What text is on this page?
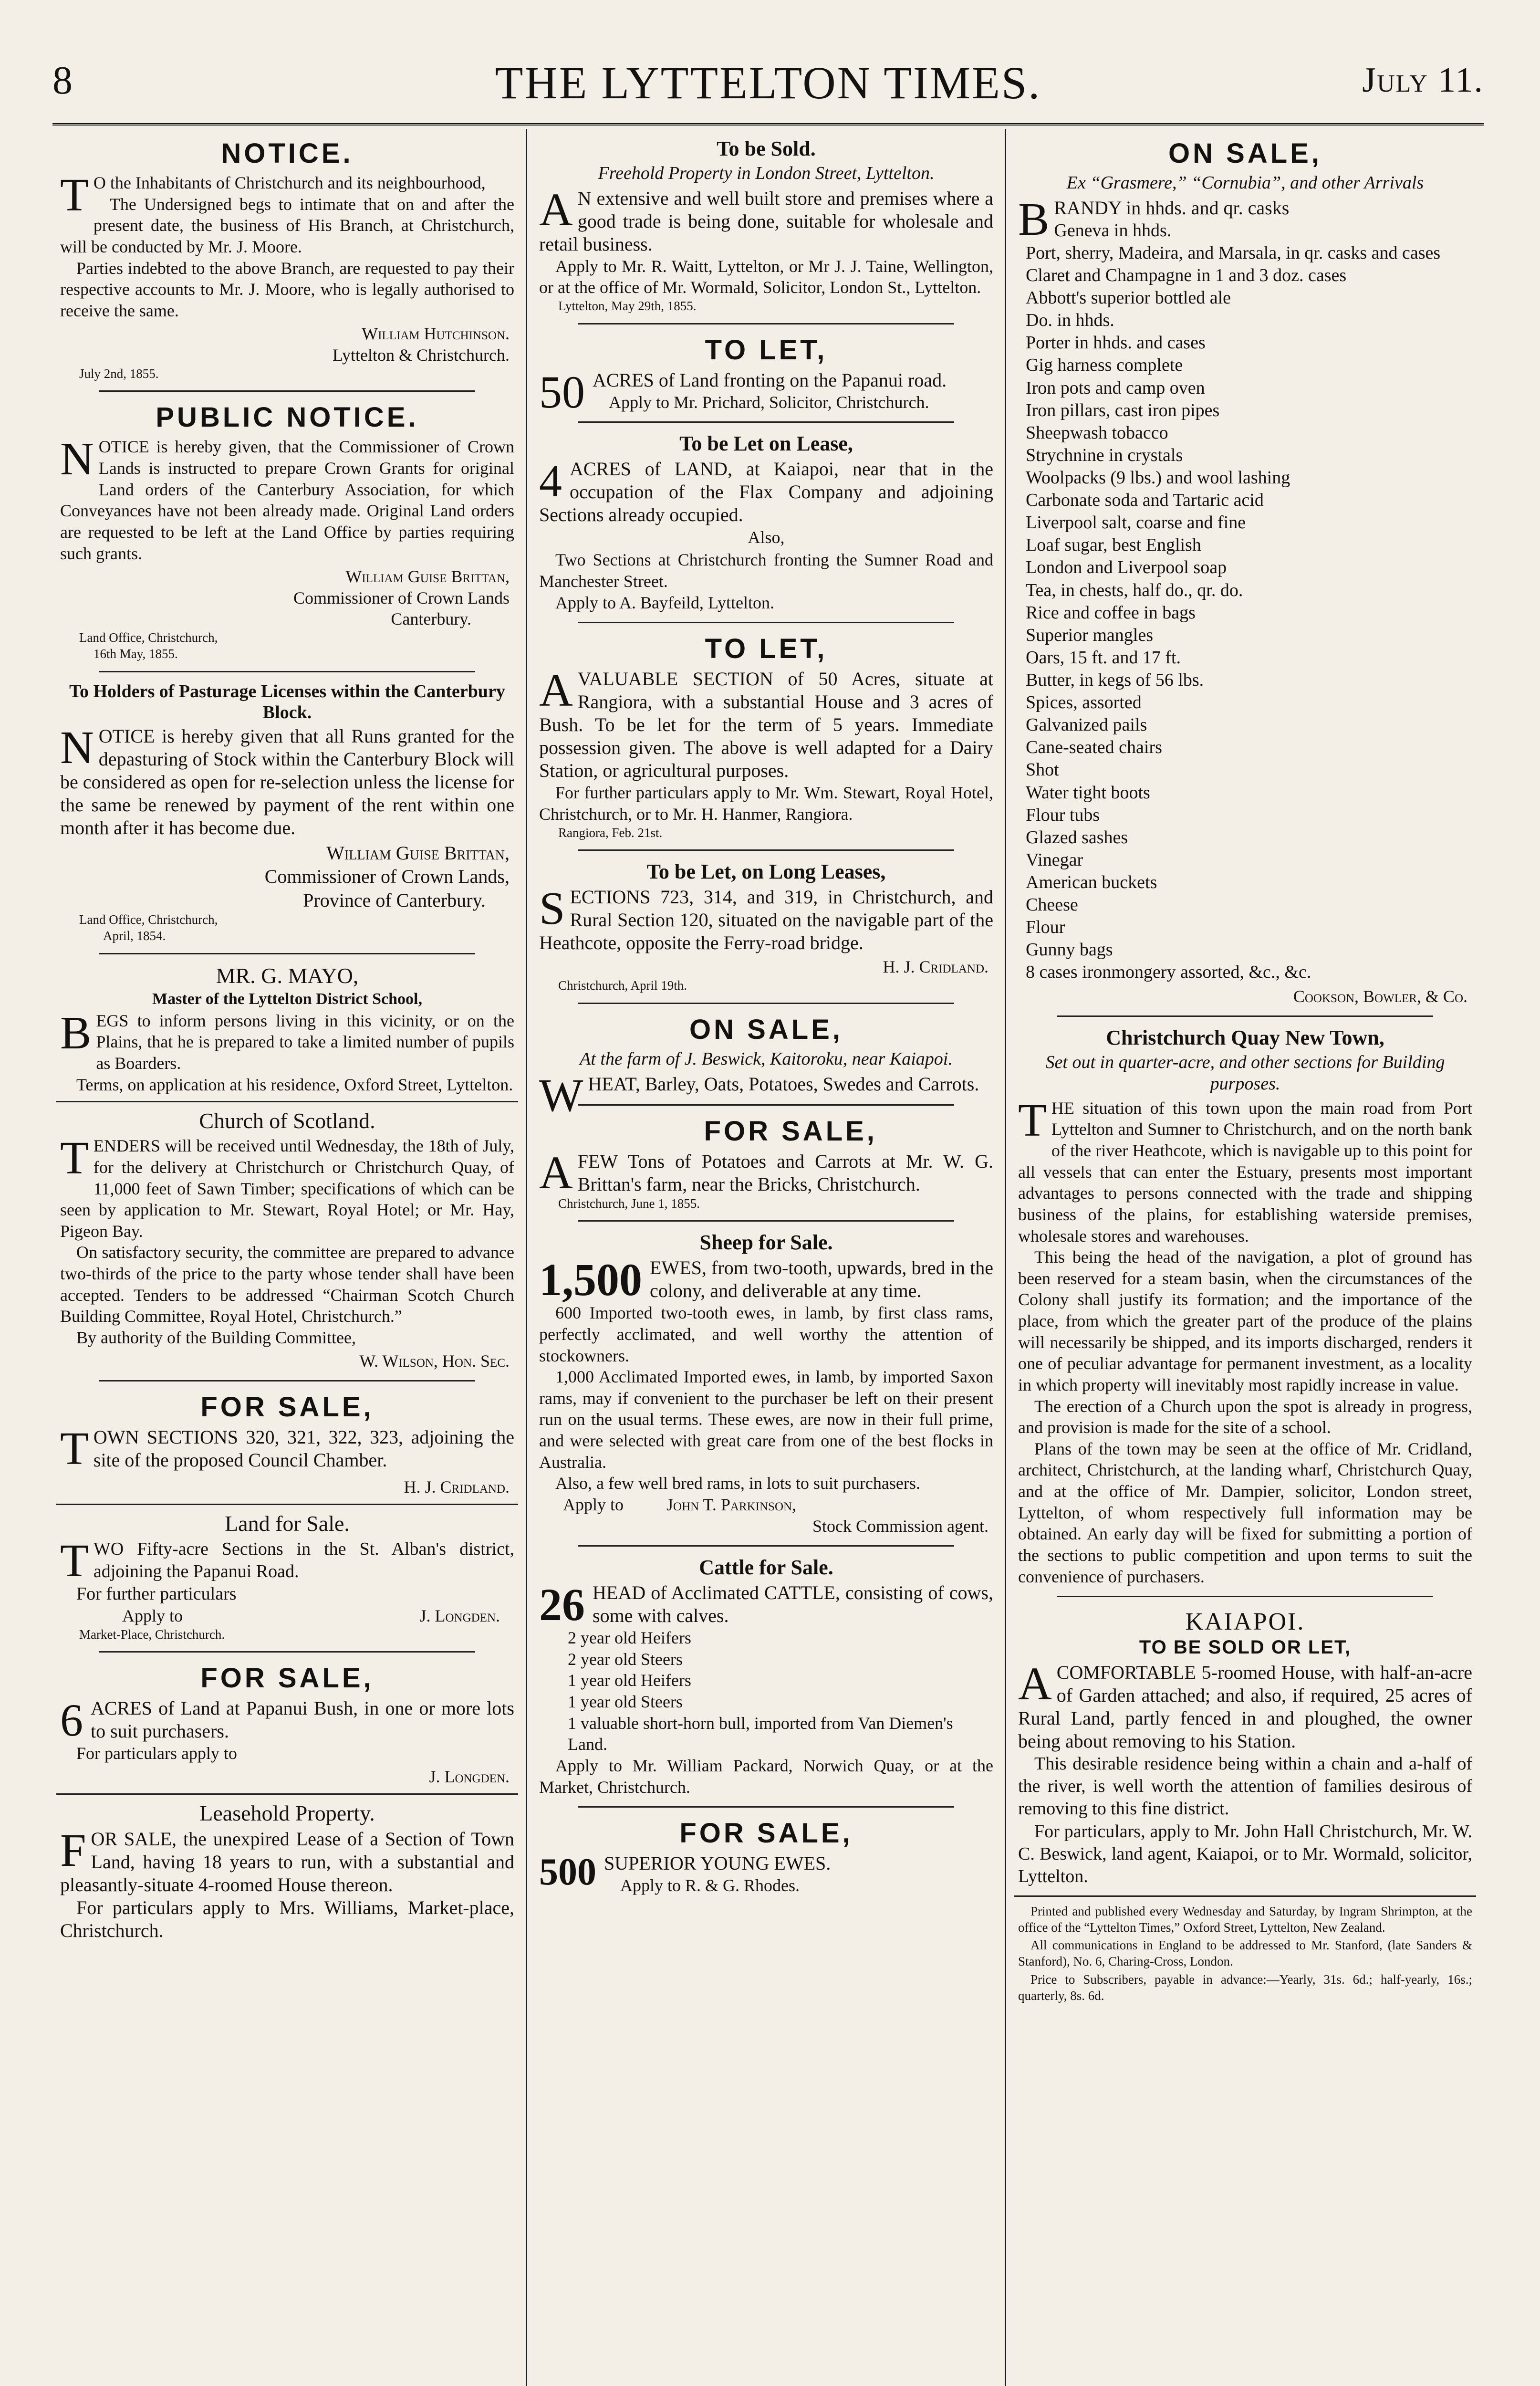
8	THE LYTTELTON TIMES.	July 11.
NOTICE.
T O the Inhabitants of Christchurch and its neighbourhood,

The Undersigned begs to intimate that on and after the present date, the business of His Branch, at Christchurch, will be conducted by Mr. J. Moore.

Parties indebted to the above Branch, are requested to pay their respective accounts to Mr. J. Moore, who is legally authorised to receive the same.

William Hutchinson.
Lyttelton & Christchurch.
July 2nd, 1855.
PUBLIC NOTICE.
N OTICE is hereby given, that the Commissioner of Crown Lands is instructed to prepare Crown Grants for original Land orders of the Canterbury Association, for which Conveyances have not been already made. Original Land orders are requested to be left at the Land Office by parties requiring such grants.

William Guise Brittan,
Commissioner of Crown Lands
Canterbury.
Land Office, Christchurch,
16th May, 1855.
To Holders of Pasturage Licenses within the Canterbury Block.
NOTICE is hereby given that all Runs granted for the depasturing of Stock within the Canterbury Block will be considered as open for re-selection unless the license for the same be renewed by payment of the rent within one month after it has become due.
William Guise Brittan,
Commissioner of Crown Lands,
Province of Canterbury.
Land Office, Christchurch,
April, 1854.
MR. G. MAYO,
Master of the Lyttelton District School,
B EGS to inform persons living in this vicinity, or on the Plains, that he is prepared to take a limited number of pupils as Boarders.

Terms, on application at his residence, Oxford Street, Lyttelton.

Church of Scotland.
T ENDERS will be received until Wednesday, the 18th of July, for the delivery at Christchurch or Christchurch Quay, of 11,000 feet of Sawn Timber; specifications of which can be seen by application to Mr. Stewart, Royal Hotel; or Mr. Hay, Pigeon Bay.

On satisfactory security, the committee are prepared to advance two-thirds of the price to the party whose tender shall have been accepted. Tenders to be addressed “Chairman Scotch Church Building Committee, Royal Hotel, Christchurch.”

By authority of the Building Committee,

W. Wilson, Hon. Sec.
FOR SALE,
TOWN SECTIONS 320, 321, 322, 323, adjoining the site of the proposed Council Chamber.
H. J. Cridland.
Land for Sale.
T WO Fifty-acre Sections in the St. Alban's district, adjoining the Papanui Road.

For further particulars

Apply to	J. Longden.
Market-Place, Christchurch.
FOR SALE,
6 ACRES of Land at Papanui Bush, in one or more lots to suit purchasers.

For particulars apply to

J. Longden.
Leasehold Property.
FOR SALE, the unexpired Lease of a Section of Town Land, having 18 years to run, with a substantial and pleasantly-situate 4-roomed House thereon.

For particulars apply to Mrs. Williams, Market-place, Christchurch.

To be Sold.
Freehold Property in London Street, Lyttelton.
A N extensive and well built store and premises where a good trade is being done, suitable for wholesale and retail business.

Apply to Mr. R. Waitt, Lyttelton, or Mr J. J. Taine, Wellington, or at the office of Mr. Wormald, Solicitor, London St., Lyttelton.

Lyttelton, May 29th, 1855.
TO LET,
50 ACRES of Land fronting on the Papanui road.

Apply to Mr. Prichard, Solicitor, Christchurch.

To be Let on Lease,
4 ACRES of LAND, at Kaiapoi, near that in the occupation of the Flax Company and adjoining Sections already occupied.
Also,

Two Sections at Christchurch fronting the Sumner Road and Manchester Street.

Apply to A. Bayfeild, Lyttelton.

TO LET,
AVALUABLE SECTION of 50 Acres, situate at Rangiora, with a substantial House and 3 acres of Bush. To be let for the term of 5 years. Immediate possession given. The above is well adapted for a Dairy Station, or agricultural purposes.

For further particulars apply to Mr. Wm. Stewart, Royal Hotel, Christchurch, or to Mr. H. Hanmer, Rangiora.

Rangiora, Feb. 21st.
To be Let, on Long Leases,
SECTIONS 723, 314, and 319, in Christchurch, and Rural Section 120, situated on the navigable part of the Heathcote, opposite the Ferry-road bridge.
H. J. Cridland.
Christchurch, April 19th.
ON SALE,
At the farm of J. Beswick, Kaitoroku, near Kaiapoi.
WHEAT, Barley, Oats, Potatoes, Swedes and Carrots.
FOR SALE,
AFEW Tons of Potatoes and Carrots at Mr. W. G. Brittan's farm, near the Bricks, Christchurch.
Christchurch, June 1, 1855.
Sheep for Sale.
1,500 EWES, from two-tooth, upwards, bred in the colony, and deliverable at any time.

600 Imported two-tooth ewes, in lamb, by first class rams, perfectly acclimated, and well worthy the attention of stockowners.

1,000 Acclimated Imported ewes, in lamb, by imported Saxon rams, may if convenient to the purchaser be left on their present run on the usual terms. These ewes, are now in their full prime, and were selected with great care from one of the best flocks in Australia.

Also, a few well bred rams, in lots to suit purchasers.

Apply to	John T. Parkinson,
Stock Commission agent.
Cattle for Sale.
26 HEAD of Acclimated CATTLE, consisting of cows, some with calves.
2 year old Heifers
2 year old Steers
1 year old Heifers
1 year old Steers
1 valuable short-horn bull, imported from Van Diemen's Land.

Apply to Mr. William Packard, Norwich Quay, or at the Market, Christchurch.

FOR SALE,
500 SUPERIOR YOUNG EWES.

Apply to R. & G. Rhodes.

ON SALE,
Ex “Grasmere,” “Cornubia”, and other Arrivals
BRANDY in hhds. and qr. casks
Geneva in hhds.
Port, sherry, Madeira, and Marsala, in qr. casks and cases
Claret and Champagne in 1 and 3 doz. cases
Abbott's superior bottled ale
Do. in hhds.
Porter in hhds. and cases
Gig harness complete
Iron pots and camp oven
Iron pillars, cast iron pipes
Sheepwash tobacco
Strychnine in crystals
Woolpacks (9 lbs.) and wool lashing
Carbonate soda and Tartaric acid
Liverpool salt, coarse and fine
Loaf sugar, best English
London and Liverpool soap
Tea, in chests, half do., qr. do.
Rice and coffee in bags
Superior mangles
Oars, 15 ft. and 17 ft.
Butter, in kegs of 56 lbs.
Spices, assorted
Galvanized pails
Cane-seated chairs
Shot
Water tight boots
Flour tubs
Glazed sashes
Vinegar
American buckets
Cheese
Flour
Gunny bags
8 cases ironmongery assorted, &c., &c.
Cookson, Bowler, & Co.
Christchurch Quay New Town,
Set out in quarter-acre, and other sections for Building purposes.
T HE situation of this town upon the main road from Port Lyttelton and Sumner to Christchurch, and on the north bank of the river Heathcote, which is navigable up to this point for all vessels that can enter the Estuary, presents most important advantages to persons connected with the trade and shipping business of the plains, for establishing waterside premises, wholesale stores and warehouses.

This being the head of the navigation, a plot of ground has been reserved for a steam basin, when the circumstances of the Colony shall justify its formation; and the importance of the place, from which the greater part of the produce of the plains will necessarily be shipped, and its imports discharged, renders it one of peculiar advantage for permanent investment, as a locality in which property will inevitably most rapidly increase in value.

The erection of a Church upon the spot is already in progress, and provision is made for the site of a school.

Plans of the town may be seen at the office of Mr. Cridland, architect, Christchurch, at the landing wharf, Christchurch Quay, and at the office of Mr. Dampier, solicitor, London street, Lyttelton, of whom respectively full information may be obtained. An early day will be fixed for submitting a portion of the sections to public competition and upon terms to suit the convenience of purchasers.

KAIAPOI.
TO BE SOLD OR LET,
ACOMFORTABLE 5-roomed House, with half-an-acre of Garden attached; and also, if required, 25 acres of Rural Land, partly fenced in and ploughed, the owner being about removing to his Station.

This desirable residence being within a chain and a-half of the river, is well worth the attention of families desirous of removing to this fine district.

For particulars, apply to Mr. John Hall Christchurch, Mr. W. C. Beswick, land agent, Kaiapoi, or to Mr. Wormald, solicitor, Lyttelton.

Printed and published every Wednesday and Saturday, by Ingram Shrimpton, at the office of the “Lyttelton Times,” Oxford Street, Lyttelton, New Zealand.

All communications in England to be addressed to Mr. Stanford, (late Sanders & Stanford), No. 6, Charing-Cross, London.

Price to Subscribers, payable in advance:—Yearly, 31s. 6d.; half-yearly, 16s.; quarterly, 8s. 6d.
